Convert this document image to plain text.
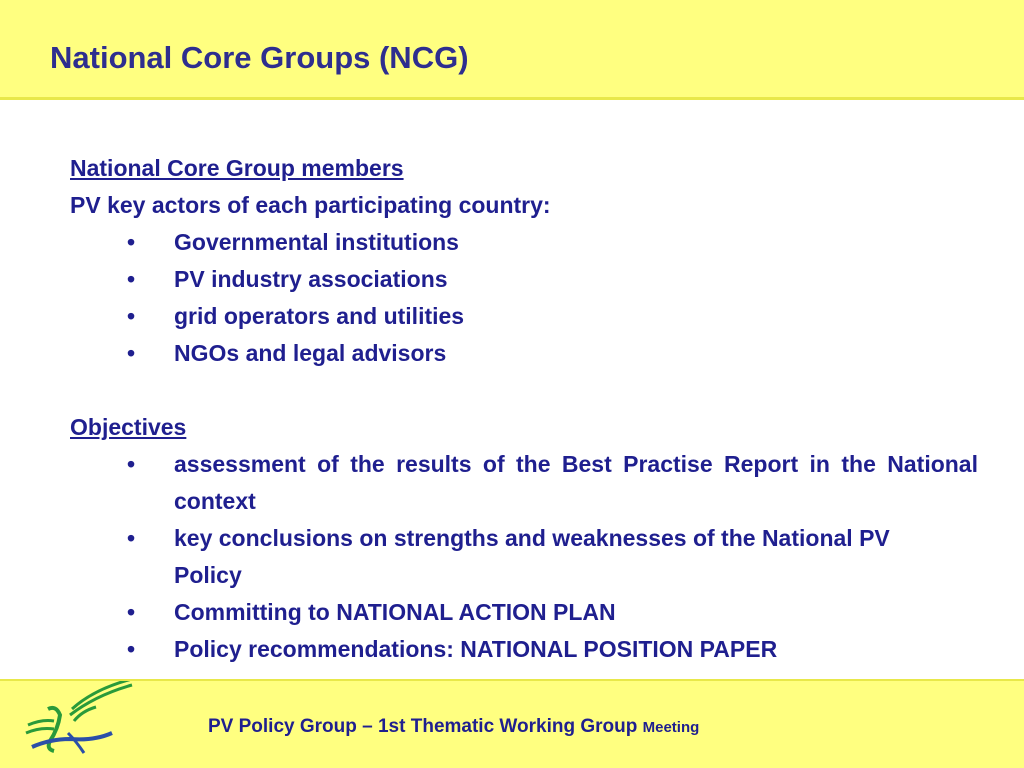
National Core Groups (NCG)
National Core Group members
PV key actors of each participating country:
• Governmental institutions
• PV industry associations
• grid operators and utilities
• NGOs and legal advisors
Objectives
• assessment of the results of the Best Practise Report in the National context
• key conclusions on strengths and weaknesses of the National PV Policy
• Committing to NATIONAL ACTION PLAN
• Policy recommendations: NATIONAL POSITION PAPER
PV Policy Group – 1st Thematic Working Group Meeting
